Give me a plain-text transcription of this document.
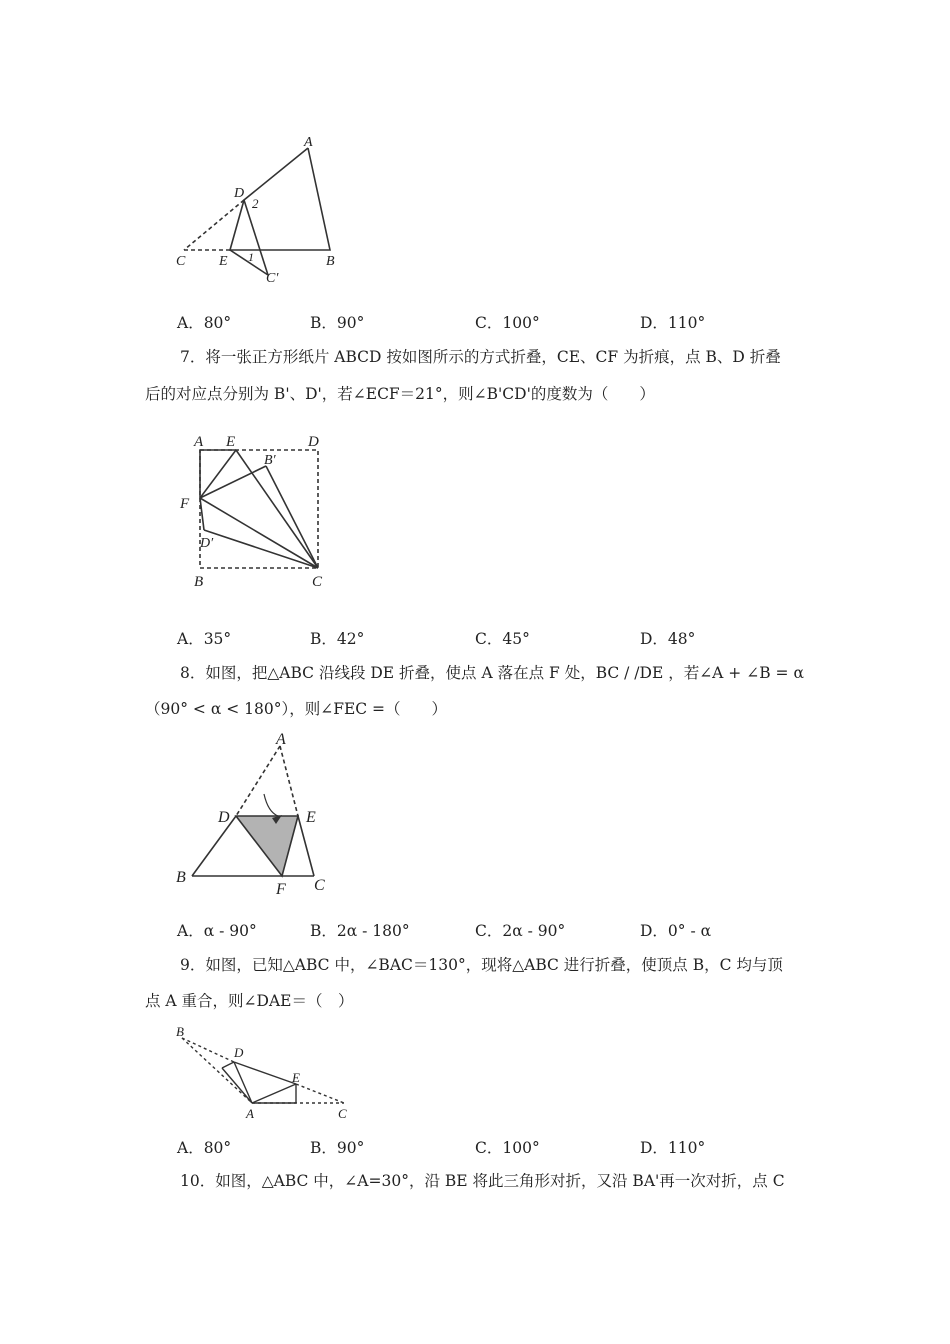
A
D
2
C E 1	B
C′
A．80°	B．90°	C．100°	D．110°
7．将一张正方形纸片 ABCD 按如图所示的方式折叠，CE、CF 为折痕，点 B、D 折叠
后的对应点分别为 B'、D'，若∠ECF＝21°，则∠B'CD'的度数为（　　）
A E	D
B′
F
D′
B	C
A．35°	B．42°	C．45°	D．48°
8．如图，把△ABC 沿线段 DE 折叠，使点 A 落在点 F 处，BC / /DE ，若∠A + ∠B = α
（90° < α < 180°），则∠FEC =（　　）
A
D	E
B
F C
A．α - 90°	B．2α - 180°	C．2α - 90°	D．0° - α
9．如图，已知△ABC 中，∠BAC＝130°，现将△ABC 进行折叠，使顶点 B，C 均与顶
点 A 重合，则∠DAE＝（　）
B
D
E
A	C
A．80°	B．90°	C．100°	D．110°
10．如图，△ABC 中，∠A=30°，沿 BE 将此三角形对折，又沿 BA'再一次对折，点 C
